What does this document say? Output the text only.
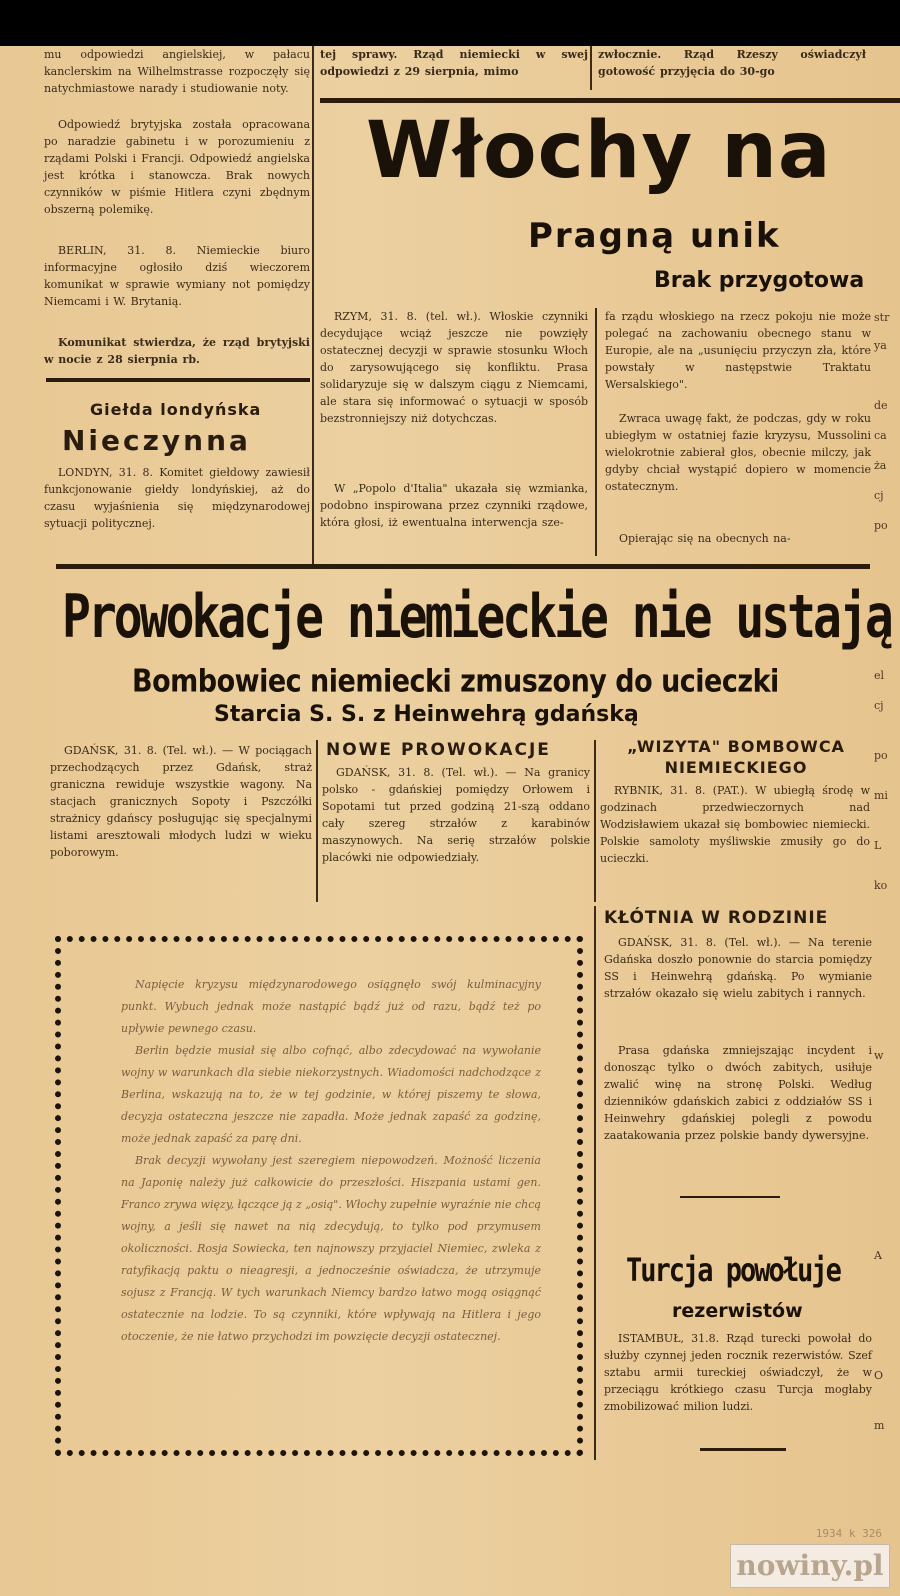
mu odpowiedzi angielskiej, w pałacu kanclerskim na Wilhelmstrasse rozpoczęły się natychmiastowe narady i studiowanie noty.
Odpowiedź brytyjska została opracowana po naradzie gabinetu i w porozumieniu z rządami Polski i Francji. Odpowiedź angielska jest krótka i stanowcza. Brak nowych czynników w piśmie Hitlera czyni zbędnym obszerną polemikę.
BERLIN, 31. 8. Niemieckie biuro informacyjne ogłosiło dziś wieczorem komunikat w sprawie wymiany not pomiędzy Niemcami i W. Brytanią.
Komunikat stwierdza, że rząd brytyjski w nocie z 28 sierpnia rb.
Giełda londyńska
Nieczynna
LONDYN, 31. 8. Komitet giełdowy zawiesił funkcjonowanie giełdy londyńskiej, aż do czasu wyjaśnienia się międzynarodowej sytuacji politycznej.
tej sprawy. Rząd niemiecki w swej odpowiedzi z 29 sierpnia, mimo
zwłocznie. Rząd Rzeszy oświadczył gotowość przyjęcia do 30-go
Włochy na
Pragną unik
Brak przygotowa
RZYM, 31. 8. (tel. wł.). Włoskie czynniki decydujące wciąż jeszcze nie powzięły ostatecznej decyzji w sprawie stosunku Włoch do zarysowującego się konfliktu. Prasa solidaryzuje się w dalszym ciągu z Niemcami, ale stara się informować o sytuacji w sposób bezstronniejszy niż dotychczas.
W „Popolo d'Italia" ukazała się wzmianka, podobno inspirowana przez czynniki rządowe, która głosi, iż ewentualna interwencja sze-
fa rządu włoskiego na rzecz pokoju nie może polegać na zachowaniu obecnego stanu w Europie, ale na „usunięciu przyczyn zła, które powstały w następstwie Traktatu Wersalskiego".
Zwraca uwagę fakt, że podczas, gdy w roku ubiegłym w ostatniej fazie kryzysu, Mussolini wielokrotnie zabierał głos, obecnie milczy, jak gdyby chciał wystąpić dopiero w momencie ostatecznym.
Opierając się na obecnych na-
Prowokacje niemieckie nie ustają
Bombowiec niemiecki zmuszony do ucieczki
Starcia S. S. z Heinwehrą gdańską
GDAŃSK, 31. 8. (Tel. wł.). — W pociągach przechodzących przez Gdańsk, straż graniczna rewiduje wszystkie wagony. Na stacjach granicznych Sopoty i Pszczółki strażnicy gdańscy posługując się specjalnymi listami aresztowali młodych ludzi w wieku poborowym.
NOWE PROWOKACJE
GDAŃSK, 31. 8. (Tel. wł.). — Na granicy polsko - gdańskiej pomiędzy Orłowem i Sopotami tut przed godziną 21-szą oddano cały szereg strzałów z karabinów maszynowych. Na serię strzałów polskie placówki nie odpowiedziały.
„WIZYTA" BOMBOWCA NIEMIECKIEGO
RYBNIK, 31. 8. (PAT.). W ubiegłą środę w godzinach przedwieczornych nad Wodzisławiem ukazał się bombowiec niemiecki. Polskie samoloty myśliwskie zmusiły go do ucieczki.

Napięcie kryzysu międzynarodowego osiągnęło swój kulminacyjny punkt. Wybuch jednak może nastąpić bądź już od razu, bądź też po upływie pewnego czasu.

Berlin będzie musiał się albo cofnąć, albo zdecydować na wywołanie wojny w warunkach dla siebie niekorzystnych. Wiadomości nadchodzące z Berlina, wskazują na to, że w tej godzinie, w której piszemy te słowa, decyzja ostateczna jeszcze nie zapadła. Może jednak zapaść za godzinę, może jednak zapaść za parę dni.

Brak decyzji wywołany jest szeregiem niepowodzeń. Możność liczenia na Japonię należy już całkowicie do przeszłości. Hiszpania ustami gen. Franco zrywa więzy, łączące ją z „osią". Włochy zupełnie wyraźnie nie chcą wojny, a jeśli się nawet na nią zdecydują, to tylko pod przymusem okoliczności. Rosja Sowiecka, ten najnowszy przyjaciel Niemiec, zwleka z ratyfikacją paktu o nieagresji, a jednocześnie oświadcza, że utrzymuje sojusz z Francją. W tych warunkach Niemcy bardzo łatwo mogą osiągnąć ostatecznie na lodzie. To są czynniki, które wpływają na Hitlera i jego otoczenie, że nie łatwo przychodzi im powzięcie decyzji ostatecznej.

KŁÓTNIA W RODZINIE
GDAŃSK, 31. 8. (Tel. wł.). — Na terenie Gdańska doszło ponownie do starcia pomiędzy SS i Heinwehrą gdańską. Po wymianie strzałów okazało się wielu zabitych i rannych.
Prasa gdańska zmniejszając incydent i donosząc tylko o dwóch zabitych, usiłuje zwalić winę na stronę Polski. Według dzienników gdańskich zabici z oddziałów SS i Heinwehry gdańskiej polegli z powodu zaatakowania przez polskie bandy dywersyjne.
Turcja powołuje
rezerwistów
ISTAMBUŁ, 31.8. Rząd turecki powołał do służby czynnej jeden rocznik rezerwistów. Szef sztabu armii tureckiej oświadczył, że w przeciągu krótkiego czasu Turcja mogłaby zmobilizować milion ludzi.
str
ya
de
ca
ża
cj
po
el
cj
po
mi
L
ko
w
A
O
m
1934 k 326
nowiny.pl
